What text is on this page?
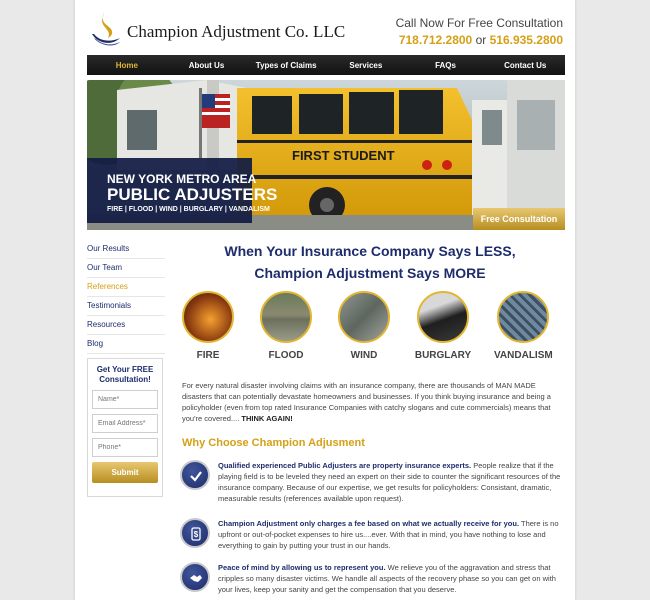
Champion Adjustment Co. LLC	Call Now For Free Consultation
718.712.2800 or 516.935.2800
Home	About Us	Types of Claims	Services	FAQs	Contact Us
FIRST STUDENT
NEW YORK METRO AREA
PUBLIC ADJUSTERS
FIRE | FLOOD | WIND | BURGLARY | VANDALISM
Free Consultation
Our Results
Our Team
References
Testimonials
Resources
Blog
Get Your FREE Consultation!
Name*
Email Address*
Phone*
Submit
When Your Insurance Company Says LESS,
Champion Adjustment Says MORE
FIRE	FLOOD	WIND	BURGLARY VANDALISM
For every natural disaster involving claims with an insurance company, there are thousands of MAN MADE disasters that can potentially devastate homeowners and businesses. If you think buying insurance and being a policyholder (even from top rated Insurance Companies with catchy slogans and cute commercials) means that you're covered.... THINK AGAIN!
Why Choose Champion Adjusment
Qualified experienced Public Adjusters are property insurance experts. People realize that if the playing field is to be leveled they need an expert on their side to counter the significant resources of the insurance company. Because of our expertise, we get results for policyholders: Consistant, dramatic, measurable results (references available upon request).
$
Champion Adjustment only charges a fee based on what we actually receive for you. There is no upfront or out-of-pocket expenses to hire us....ever. With that in mind, you have nothing to lose and everything to gain by putting your trust in our hands.
Peace of mind by allowing us to represent you. We relieve you of the aggravation and stress that cripples so many disaster victims. We handle all aspects of the recovery phase so you can get on with your lives, keep your sanity and get the compensation that you deserve.
